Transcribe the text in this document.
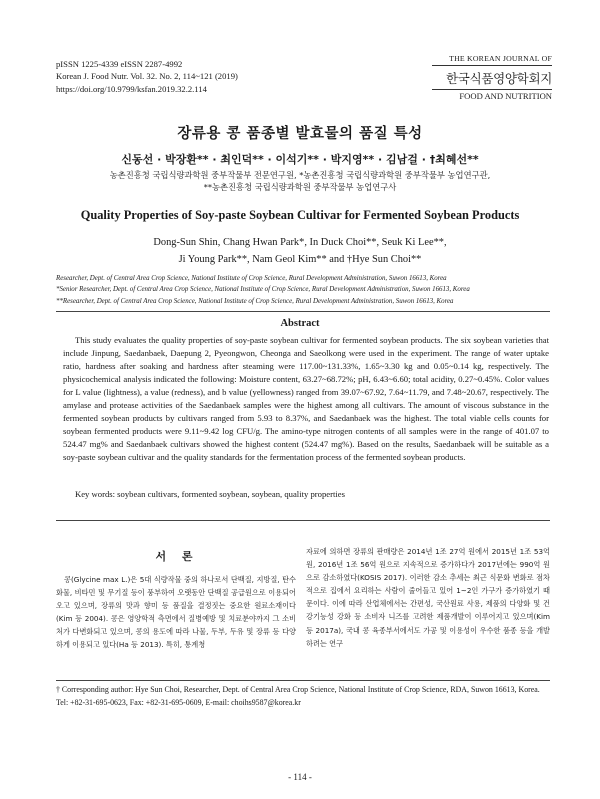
pISSN 1225-4339 eISSN 2287-4992
Korean J. Food Nutr. Vol. 32. No. 2, 114~121 (2019)
https://doi.org/10.9799/ksfan.2019.32.2.114
THE KOREAN JOURNAL OF
한국식품영양학회지
FOOD AND NUTRITION
장류용 콩 품종별 발효물의 품질 특성
신동선 · 박장환** · 최인덕** · 이석기** · 박지영** · 김남걸 · †최혜선**
농촌진흥청 국립식량과학원 중부작물부 전문연구원, *농촌진흥청 국립식량과학원 중부작물부 농업연구관,
**농촌진흥청 국립식량과학원 중부작물부 농업연구사
Quality Properties of Soy-paste Soybean Cultivar for Fermented Soybean Products
Dong-Sun Shin, Chang Hwan Park*, In Duck Choi**, Seuk Ki Lee**,
Ji Young Park**, Nam Geol Kim** and †Hye Sun Choi**
Researcher, Dept. of Central Area Crop Science, National Institute of Crop Science, Rural Development Administration, Suwon 16613, Korea
*Senior Researcher, Dept. of Central Area Crop Science, National Institute of Crop Science, Rural Development Administration, Suwon 16613, Korea
**Researcher, Dept. of Central Area Crop Science, National Institute of Crop Science, Rural Development Administration, Suwon 16613, Korea
Abstract

This study evaluates the quality properties of soy-paste soybean cultivar for fermented soybean products. The six soybean varieties that include Jinpung, Saedanbaek, Daepung 2, Pyeongwon, Cheonga and Saeolkong were used in the experiment. The range of water uptake ratio, hardness after soaking and hardness after steaming were 117.00~131.33%, 1.65~3.30 kg and 0.05~0.14 kg, respectively. The physicochemical analysis indicated the following: Moisture content, 63.27~68.72%; pH, 6.43~6.60; total acidity, 0.27~0.45%. Color values for L value (lightness), a value (redness), and b value (yellowness) ranged from 39.07~67.92, 7.64~11.79, and 7.48~20.67, respectively. The amylase and protease activities of the Saedanbaek samples were the highest among all cultivars. The amount of viscous substance in the fermented soybean products by cultivars ranged from 5.93 to 8.37%, and Saedanbaek was the highest. The total viable cells counts for soybean fermented products were 9.11~9.42 log CFU/g. The amino-type nitrogen contents of all samples were in the range of 401.07 to 524.47 mg% and Saedanbaek cultivars showed the highest content (524.47 mg%). Based on the results, Saedanbaek will be suitable as a soy-paste soybean cultivar and the quality standards for the fermentation process of the fermented soybean products.

Key words: soybean cultivars, formented soybean, soybean, quality properties
서 론

콩(Glycine max L.)은 5대 식량작물 중의 하나로서 단백질, 지방질, 탄수화물, 비타민 및 무기질 등이 풍부하여 오랫동안 단백질 공급원으로 이용되어 오고 있으며, 장류의 맛과 향미 등 품질을 결정짓는 중요한 원료소재이다(Kim 등 2004). 콩은 영양학적 측면에서 질병예방 및 치료분야까지 그 소비처가 다변화되고 있으며, 콩의 용도에 따라 나물, 두부, 두유 및 장류 등 다양하게 이용되고 있다(Ha 등 2013). 특히, 통계청

자료에 의하면 장류의 판매량은 2014년 1조 27억 원에서 2015년 1조 53억 원, 2016년 1조 56억 원으로 지속적으로 증가하다가 2017년에는 990억 원으로 감소하였다(KOSIS 2017). 이러한 감소 추세는 최근 식문화 변화로 점차적으로 집에서 요리하는 사람이 줄어들고 있어 1~2인 가구가 증가하였기 때문이다. 이에 따라 산업체에서는 간편성, 국산원료 사용, 제품의 다양화 및 건강기능성 강화 등 소비자 니즈를 고려한 제품개발이 이루어지고 있으며(Kim 등 2017a), 국내 콩 육종부서에서도 가공 및 이용성이 우수한 품종 등을 개발하려는 연구

† Corresponding author: Hye Sun Choi, Researcher, Dept. of Central Area Crop Science, National Institute of Crop Science, RDA, Suwon 16613, Korea. Tel: +82-31-695-0623, Fax: +82-31-695-0609, E-mail: choihs9587@korea.kr
- 114 -
